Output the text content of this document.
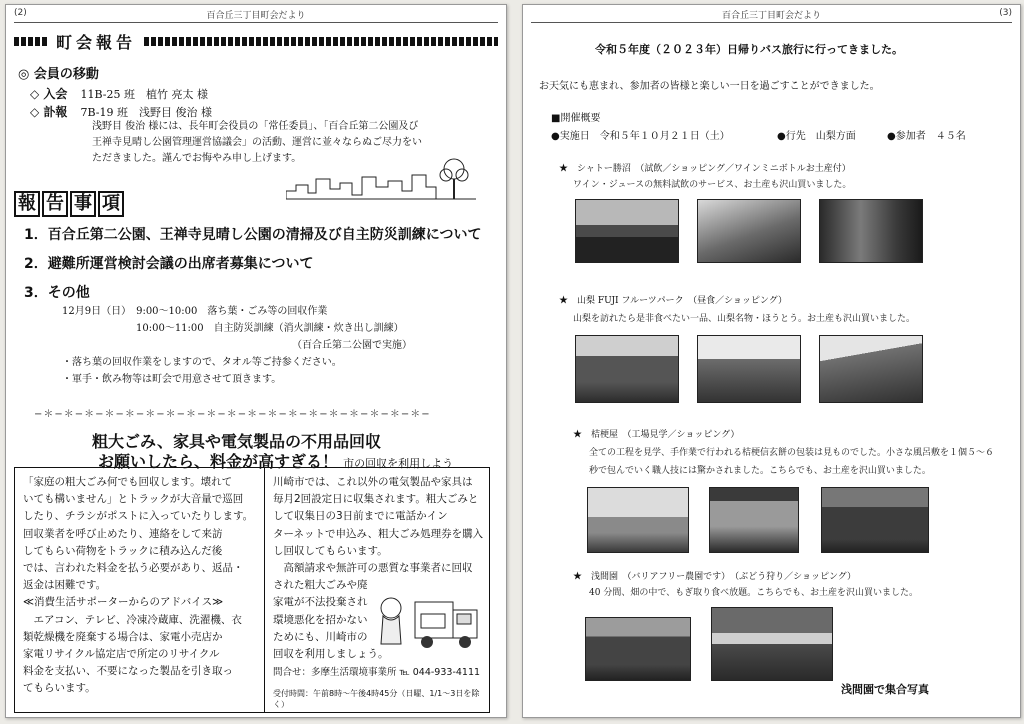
(2)	百合丘三丁目町会だより
町会報告
◎ 会員の移動
◇ 入会 11B-25 班　植竹 亮太 様
◇ 訃報 7B-19 班　浅野目 俊治 様
浅野目 俊治 様には、長年町会役員の「常任委員」、「百合丘第二公園及び
王禅寺見晴し公園管理運営協議会」の活動、運営に並々ならぬご尽力をい
ただきました。謹んでお悔やみ申し上げます。
報 告 事 項
1．百合丘第二公園、王禅寺見晴し公園の清掃及び自主防災訓練について
2．避難所運営検討会議の出席者募集について
3．その他
12月9日（日）　9:00～10:00　落ち葉・ごみ等の回収作業
10:00～11:00　自主防災訓練（消火訓練・炊き出し訓練）
（百合丘第二公園で実施）
・落ち葉の回収作業をしますので、タオル等ご持参ください。
・軍手・飲み物等は町会で用意させて頂きます。
−＊−＊−＊−＊−＊−＊−＊−＊−＊−＊−＊−＊−＊−＊−＊−＊−＊−＊−＊−
粗大ごみ、家具や電気製品の不用品回収
お願いしたら、料金が高すぎる！ 市の回収を利用しよう
「家庭の粗大ごみ何でも回収します。壊れて
いても構いません」とトラックが大音量で巡回
したり、チラシがポストに入っていたりします。
回収業者を呼び止めたり、連絡をして来訪
してもらい荷物をトラックに積み込んだ後
では、言われた料金を払う必要があり、返品・
返金は困難です。
≪消費生活サポーターからのアドバイス≫
　エアコン、テレビ、冷凍冷蔵庫、洗濯機、衣
類乾燥機を廃棄する場合は、家電小売店か
家電リサイクル協定店で所定のリサイクル
料金を支払い、不要になった製品を引き取っ
てもらいます。
川崎市では、これ以外の電気製品や家具は
毎月2回設定日に収集されます。粗大ごみと
して収集日の3日前までに電話かイン
ターネットで申込み、粗大ごみ処理券を購入
し回収してもらいます。
　高額請求や無許可の悪質な事業者に回収
された粗大ごみや廃
家電が不法投棄され
環境悪化を招かない
ためにも、川崎市の
回収を利用しましょう。
問合せ：多摩生活環境事業所 ℡ 044-933-4111
受付時間：午前8時～午後4時45分（日曜、1/1～3日を除く）
百合丘三丁目町会だより	(3)
令和５年度（２０２３年）日帰りバス旅行に行ってきました。
お天気にも恵まれ、参加者の皆様と楽しい一日を過ごすことができました。
■開催概要
●実施日　令和５年１０月２１日（土）	●行先　山梨方面	●参加者　４５名
★　シャトー勝沼　（試飲／ショッピング／ワインミニボトルお土産付）
ワイン・ジュースの無料試飲のサービス、お土産も沢山買いました。
★　山梨 FUJI フルーツパーク　（昼食／ショッピング）
山梨を訪れたら是非食べたい一品、山梨名物・ほうとう。お土産も沢山買いました。
★　桔梗屋　（工場見学／ショッピング）
全ての工程を見学、手作業で行われる桔梗信玄餅の包装は見ものでした。小さな風呂敷を１個５～６
秒で包んでいく職人技には驚かされました。こちらでも、お土産を沢山買いました。
★　浅間園　（バリアフリー農園です）　（ぶどう狩り／ショッピング）
40 分間、畑の中で、もぎ取り食べ放題。こちらでも、お土産を沢山買いました。
浅間園で集合写真
